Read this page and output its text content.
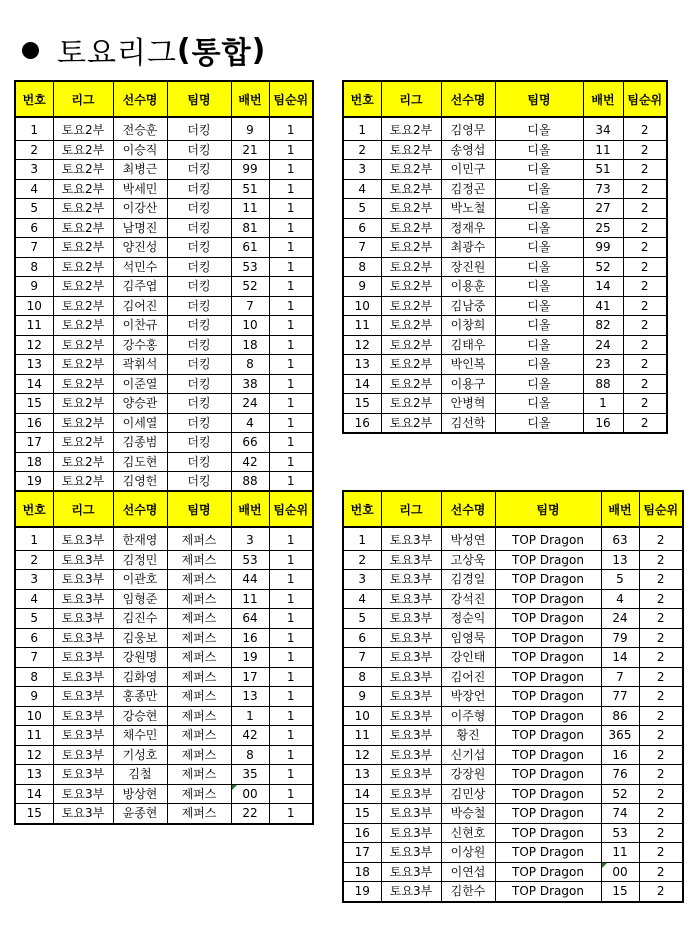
토요리그 ( 통합 )
번호	리그	선수명	팀명	배번	팀순위
1	토요2부	전승훈	더킹	9	1
2	토요2부	이승직	더킹	21	1
3	토요2부	최병근	더킹	99	1
4	토요2부	박세민	더킹	51	1
5	토요2부	이강산	더킹	11	1
6	토요2부	남명진	더킹	81	1
7	토요2부	양진성	더킹	61	1
8	토요2부	석민수	더킹	53	1
9	토요2부	김주엽	더킹	52	1
10	토요2부	김어진	더킹	7	1
11	토요2부	이찬규	더킹	10	1
12	토요2부	강수홍	더킹	18	1
13	토요2부	곽휘석	더킹	8	1
14	토요2부	이준열	더킹	38	1
15	토요2부	양승관	더킹	24	1
16	토요2부	이세열	더킹	4	1
17	토요2부	김종범	더킹	66	1
18	토요2부	김도현	더킹	42	1
19	토요2부	김영헌	더킹	88	1
번호	리그	선수명	팀명	배번	팀순위
1	토요2부	김영무	디올	34	2
2	토요2부	송영섭	디올	11	2
3	토요2부	이민구	디올	51	2
4	토요2부	김정곤	디올	73	2
5	토요2부	박노철	디올	27	2
6	토요2부	정재우	디올	25	2
7	토요2부	최광수	디올	99	2
8	토요2부	장진원	디올	52	2
9	토요2부	이용훈	디올	14	2
10	토요2부	김남중	디올	41	2
11	토요2부	이창희	디올	82	2
12	토요2부	김태우	디올	24	2
13	토요2부	박인복	디올	23	2
14	토요2부	이용구	디올	88	2
15	토요2부	안병혁	디올	1	2
16	토요2부	김선학	디올	16	2
번호	리그	선수명	팀명	배번	팀순위
1	토요3부	한재영	제퍼스	3	1
2	토요3부	김정민	제퍼스	53	1
3	토요3부	이관호	제퍼스	44	1
4	토요3부	임형준	제퍼스	11	1
5	토요3부	김진수	제퍼스	64	1
6	토요3부	김웅보	제퍼스	16	1
7	토요3부	강원명	제퍼스	19	1
8	토요3부	김화영	제퍼스	17	1
9	토요3부	홍종만	제퍼스	13	1
10	토요3부	강승현	제퍼스	1	1
11	토요3부	채수민	제퍼스	42	1
12	토요3부	기성호	제퍼스	8	1
13	토요3부	김철	제퍼스	35	1
14	토요3부	방상현	제퍼스	00	1
15	토요3부	윤종현	제퍼스	22	1
번호	리그	선수명	팀명	배번	팀순위
1	토요3부	박성연	TOP Dragon	63	2
2	토요3부	고상욱	TOP Dragon	13	2
3	토요3부	김경일	TOP Dragon	5	2
4	토요3부	강석진	TOP Dragon	4	2
5	토요3부	정순익	TOP Dragon	24	2
6	토요3부	임영묵	TOP Dragon	79	2
7	토요3부	강인태	TOP Dragon	14	2
8	토요3부	김어진	TOP Dragon	7	2
9	토요3부	박장언	TOP Dragon	77	2
10	토요3부	이주형	TOP Dragon	86	2
11	토요3부	황진	TOP Dragon	365	2
12	토요3부	신기섭	TOP Dragon	16	2
13	토요3부	강장원	TOP Dragon	76	2
14	토요3부	김민상	TOP Dragon	52	2
15	토요3부	박승철	TOP Dragon	74	2
16	토요3부	신현호	TOP Dragon	53	2
17	토요3부	이상원	TOP Dragon	11	2
18	토요3부	이연섭	TOP Dragon	00	2
19	토요3부	김한수	TOP Dragon	15	2
